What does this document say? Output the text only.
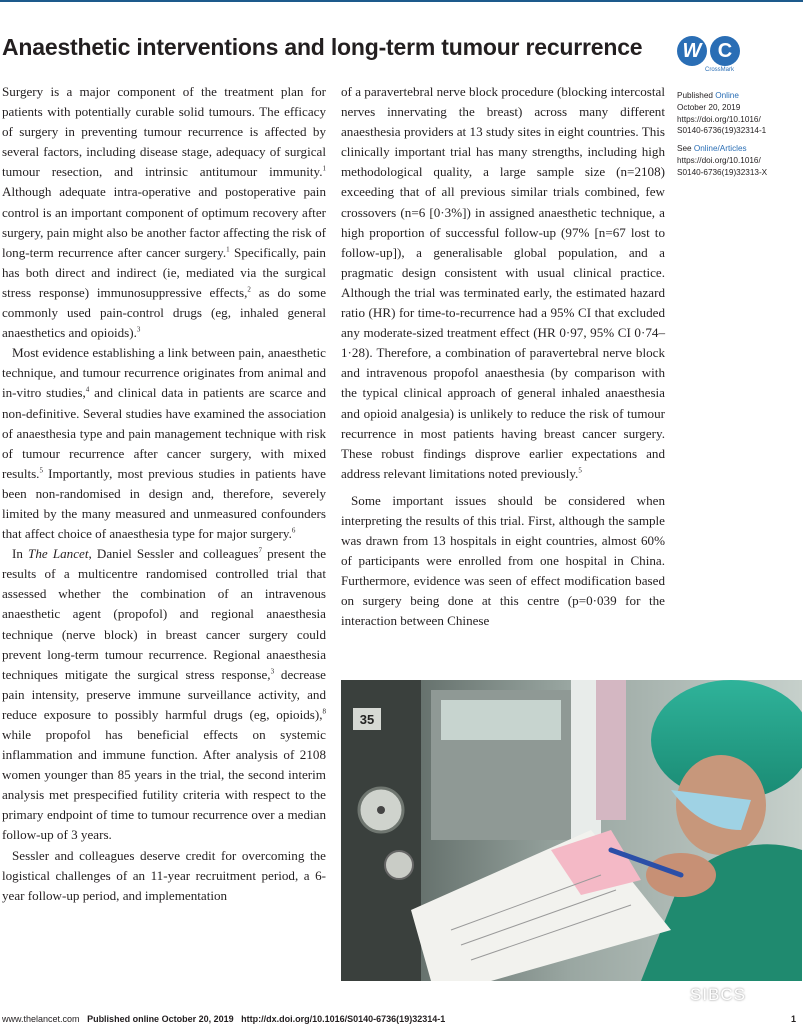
Anaesthetic interventions and long-term tumour recurrence W C
CrossMark
Published Online
October 20, 2019
https://doi.org/10.1016/
S0140-6736(19)32314-1
See Online/Articles
https://doi.org/10.1016/
S0140-6736(19)32313-X

Surgery is a major component of the treatment plan for patients with potentially curable solid tumours. The efficacy of surgery in preventing tumour recurrence is affected by several factors, including disease stage, adequacy of surgical tumour resection, and intrinsic antitumour immunity.$^1$ Although adequate intra-operative and postoperative pain control is an important component of optimum recovery after surgery, pain might also be another factor affecting the risk of long-term recurrence after cancer surgery.$^1$ Specifically, pain has both direct and indirect (ie, mediated via the surgical stress response) immunosuppressive effects,$^2$ as do some commonly used pain-control drugs (eg, inhaled general anaesthetics and opioids).$^3$

Most evidence establishing a link between pain, anaesthetic technique, and tumour recurrence originates from animal and in-vitro studies,$^4$ and clinical data in patients are scarce and non-definitive. Several studies have examined the association of anaesthesia type and pain management technique with risk of tumour recurrence after cancer surgery, with mixed results.$^5$ Importantly, most previous studies in patients have been non-randomised in design and, therefore, severely limited by the many measured and unmeasured confounders that affect choice of anaesthesia type for major surgery.$^6$

In The Lancet, Daniel Sessler and colleagues$^7$ present the results of a multicentre randomised controlled trial that assessed whether the combination of an intravenous anaesthetic agent (propofol) and regional anaesthesia technique (nerve block) in breast cancer surgery could prevent long-term tumour recurrence. Regional anaesthesia techniques mitigate the surgical stress response,$^3$ decrease pain intensity, preserve immune surveillance activity, and reduce exposure to possibly harmful drugs (eg, opioids),$^8$ while propofol has beneficial effects on systemic inflammation and immune function. After analysis of 2108 women younger than 85 years in the trial, the second interim analysis met prespecified futility criteria with respect to the primary endpoint of time to tumour recurrence over a median follow-up of 3 years.

Sessler and colleagues deserve credit for overcoming the logistical challenges of an 11-year recruitment period, a 6-year follow-up period, and implementation

of a paravertebral nerve block procedure (blocking intercostal nerves innervating the breast) across many different anaesthesia providers at 13 study sites in eight countries. This clinically important trial has many strengths, including high methodological quality, a large sample size (n=2108) exceeding that of all previous similar trials combined, few crossovers (n=6 [0·3%]) in assigned anaesthetic technique, a high proportion of successful follow-up (97% [n=67 lost to follow-up]), a generalisable global population, and a pragmatic design consistent with usual clinical practice. Although the trial was terminated early, the estimated hazard ratio (HR) for time-to-recurrence had a 95% CI that excluded any moderate-sized treatment effect (HR 0·97, 95% CI 0·74–1·28). Therefore, a combination of paravertebral nerve block and intravenous propofol anaesthesia (by comparison with the typical clinical approach of general inhaled anaesthesia and opioid analgesia) is unlikely to reduce the risk of tumour recurrence in most patients having breast cancer surgery. These robust findings disprove earlier expectations and address relevant limitations noted previously.$^5$

Some important issues should be considered when interpreting the results of this trial. First, although the sample was drawn from 13 hospitals in eight countries, almost 60% of participants were enrolled from one hospital in China. Furthermore, evidence was seen of effect modification based on surgery being done at this centre (p=0·039 for the interaction between Chinese

35
SIBCS
www.thelancet.com Published online October 20, 2019 http://dx.doi.org/10.1016/S0140-6736(19)32314-1	1
